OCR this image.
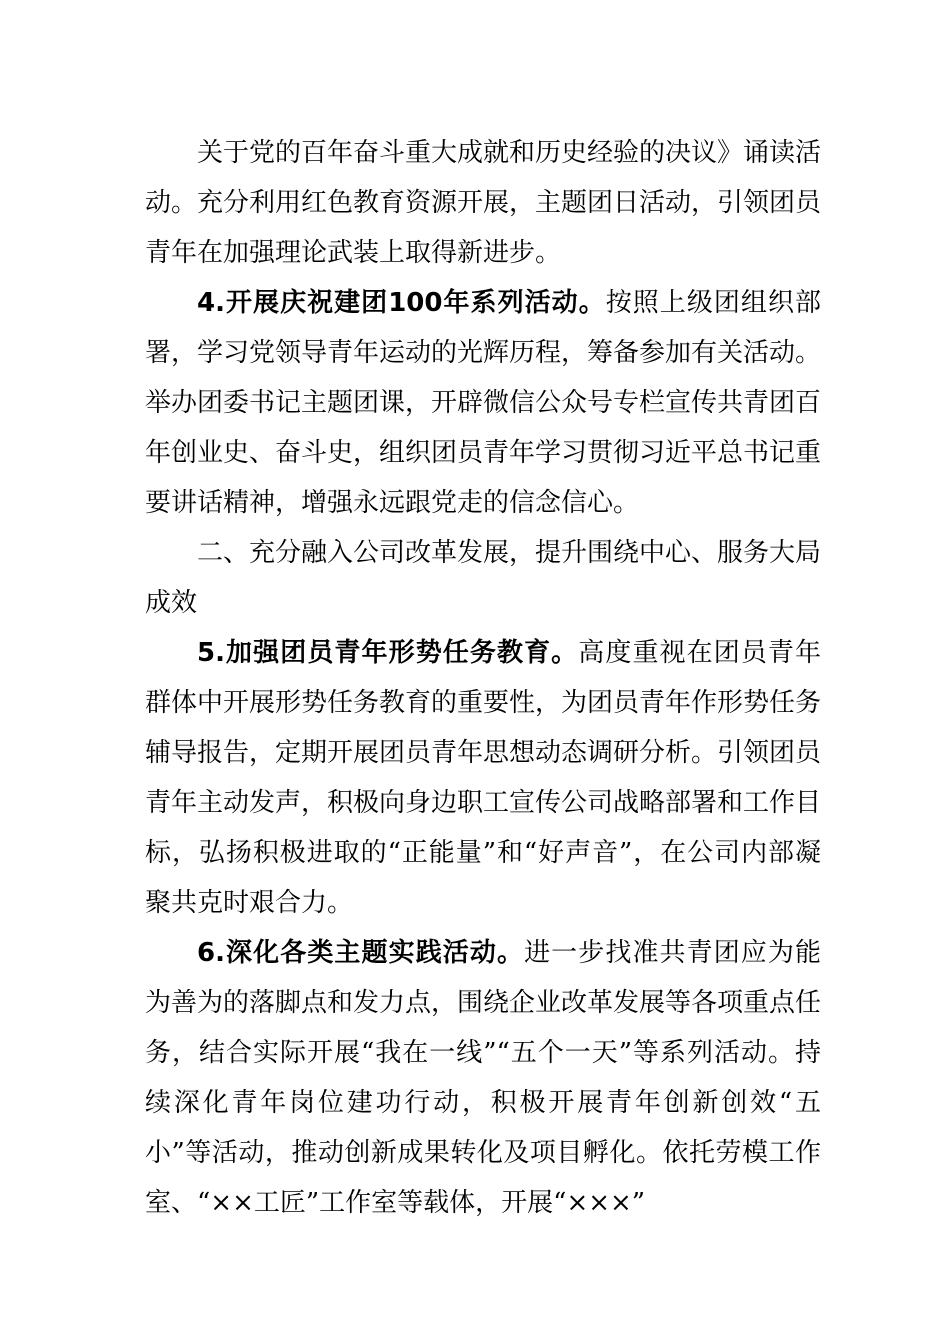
关于党的百年奋斗重大成就和历史经验的决议》诵读活动。充分利用红色教育资源开展，主题团日活动，引领团员青年在加强理论武装上取得新进步。

4.开展庆祝建团100年系列活动。按照上级团组织部署，学习党领导青年运动的光辉历程，筹备参加有关活动。举办团委书记主题团课，开辟微信公众号专栏宣传共青团百年创业史、奋斗史，组织团员青年学习贯彻习近平总书记重要讲话精神，增强永远跟党走的信念信心。

二、充分融入公司改革发展，提升围绕中心、服务大局成效

5.加强团员青年形势任务教育。高度重视在团员青年群体中开展形势任务教育的重要性，为团员青年作形势任务辅导报告，定期开展团员青年思想动态调研分析。引领团员青年主动发声，积极向身边职工宣传公司战略部署和工作目标，弘扬积极进取的“正能量”和“好声音”，在公司内部凝聚共克时艰合力。

6.深化各类主题实践活动。进一步找准共青团应为能为善为的落脚点和发力点，围绕企业改革发展等各项重点任务，结合实际开展“我在一线”“五个一天”等系列活动。持续深化青年岗位建功行动，积极开展青年创新创效“五小”等活动，推动创新成果转化及项目孵化。依托劳模工作室、“××工匠”工作室等载体，开展“×××”
